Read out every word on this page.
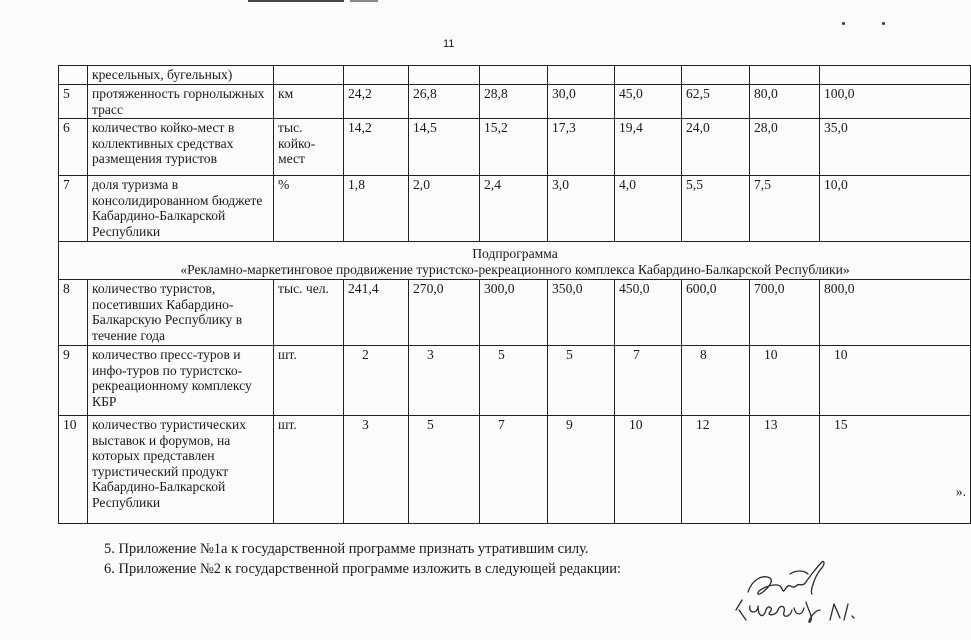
11
	кресельных, бугельных)									
5	протяженность горнолыжных трасс	км	24,2	26,8	28,8	30,0	45,0	62,5	80,0	100,0
6	количество койко-мест в коллективных средствах размещения туристов	тыс. койко-мест	14,2	14,5	15,2	17,3	19,4	24,0	28,0	35,0
7	доля туризма в консолидированном бюджете Кабардино-Балкарской Республики	%	1,8	2,0	2,4	3,0	4,0	5,5	7,5	10,0

Подпрограмма
«Рекламно-маркетинговое продвижение туристско-рекреационного комплекса Кабардино-Балкарской Республики»										

8	количество туристов, посетивших Кабардино-Балкарскую Республику в течение года	тыс. чел.	241,4	270,0	300,0	350,0	450,0	600,0	700,0	800,0
9	количество пресс-туров и инфо-туров по туристско-рекреационному комплексу КБР	шт.	2	3	5	5	7	8	10	10
10	количество туристических выставок и форумов, на которых представлен туристический продукт Кабардино-Балкарской Республики	шт.	3	5	7	9	10	12	13	15
».
5. Приложение №1а к государственной программе признать утратившим силу.
6. Приложение №2 к государственной программе изложить в следующей редакции:
